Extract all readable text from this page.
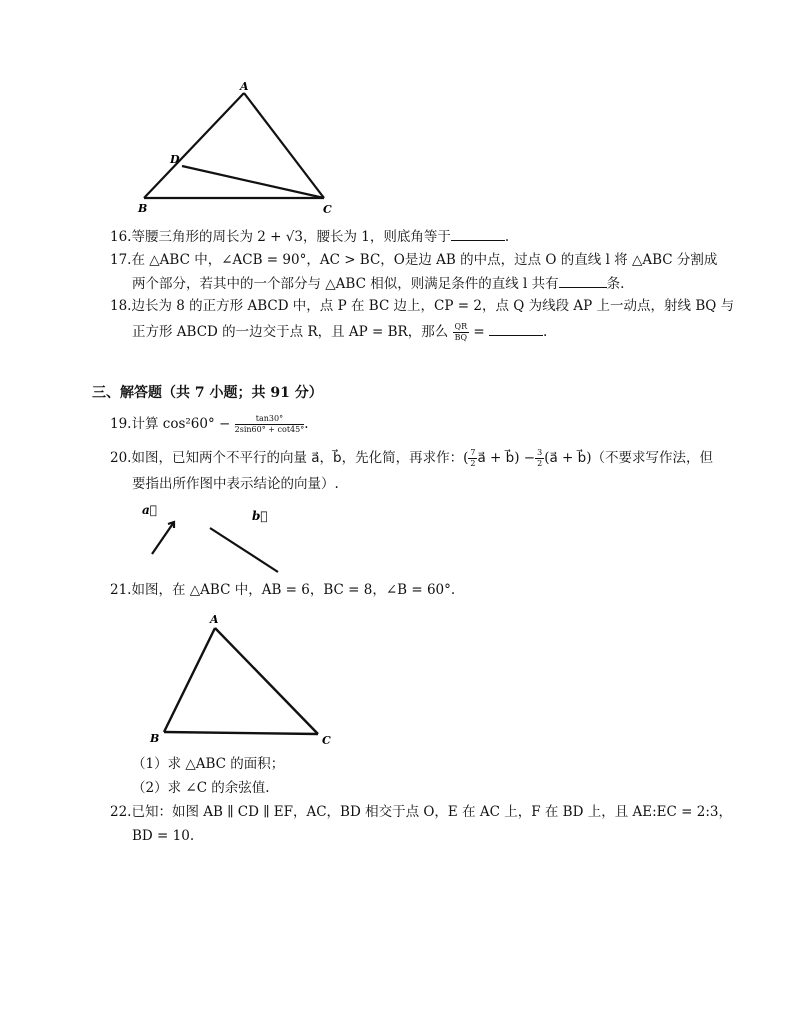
A
D
B	C
16.等腰三角形的周长为 2 + √3，腰长为 1，则底角等于	.
17.在 △ABC 中，∠ACB = 90°，AC > BC，O是边 AB 的中点，过点 O 的直线 l 将 △ABC 分割成
两个部分，若其中的一个部分与 △ABC 相似，则满足条件的直线 l 共有	条.
18.边长为 8 的正方形 ABCD 中，点 P 在 BC 边上，CP = 2，点 Q 为线段 AP 上一动点，射线 BQ 与
正方形 ABCD 的一边交于点 R，且 AP = BR，那么 $\frac{QR}{BQ}$ =	.
三、解答题（共 7 小题；共 91 分）
19.计算 $\cos^260^\circ - \frac{\tan 30^\circ}{2\sin 60^\circ + \cot 45^\circ}$ .
20.如图，已知两个不平行的向量 a⃗，b⃗，先化简，再求作：( $\frac{7}{2}$ a⃗ + b⃗) − $\frac{3}{2}$ (a⃗ + b⃗)（不要求写作法，但
要指出所作图中表示结论的向量）.
a⃗	b⃗
21.如图，在 △ABC 中，AB = 6，BC = 8，∠B = 60°.
A
B	C
（1）求 △ABC 的面积；
（2）求 ∠C 的余弦值.
22.已知：如图 AB ∥ CD ∥ EF，AC，BD 相交于点 O，E 在 AC 上，F 在 BD 上，且 AE:EC = 2:3，
BD = 10.
